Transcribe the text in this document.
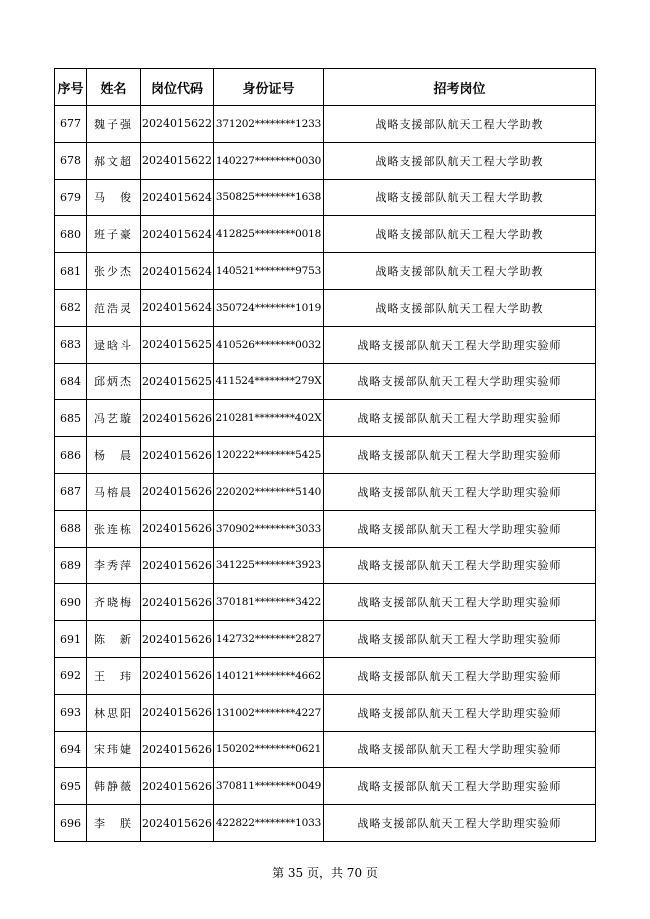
序号	姓名	岗位代码	身份证号	招考岗位
677	魏子强	2024015622	371202********1233	战略支援部队航天工程大学助教
678	郝文超	2024015622	140227********0030	战略支援部队航天工程大学助教
679	马　俊	2024015624	350825********1638	战略支援部队航天工程大学助教
680	班子豪	2024015624	412825********0018	战略支援部队航天工程大学助教
681	张少杰	2024015624	140521********9753	战略支援部队航天工程大学助教
682	范浩灵	2024015624	350724********1019	战略支援部队航天工程大学助教
683	逯晗斗	2024015625	410526********0032	战略支援部队航天工程大学助理实验师
684	邱炳杰	2024015625	411524********279X	战略支援部队航天工程大学助理实验师
685	冯艺璇	2024015626	210281********402X	战略支援部队航天工程大学助理实验师
686	杨　晨	2024015626	120222********5425	战略支援部队航天工程大学助理实验师
687	马榕晨	2024015626	220202********5140	战略支援部队航天工程大学助理实验师
688	张连栋	2024015626	370902********3033	战略支援部队航天工程大学助理实验师
689	李秀萍	2024015626	341225********3923	战略支援部队航天工程大学助理实验师
690	齐晓梅	2024015626	370181********3422	战略支援部队航天工程大学助理实验师
691	陈　新	2024015626	142732********2827	战略支援部队航天工程大学助理实验师
692	王　玮	2024015626	140121********4662	战略支援部队航天工程大学助理实验师
693	林思阳	2024015626	131002********4227	战略支援部队航天工程大学助理实验师
694	宋玮婕	2024015626	150202********0621	战略支援部队航天工程大学助理实验师
695	韩静薇	2024015626	370811********0049	战略支援部队航天工程大学助理实验师
696	李　朕	2024015626	422822********1033	战略支援部队航天工程大学助理实验师
第 35 页，共 70 页
